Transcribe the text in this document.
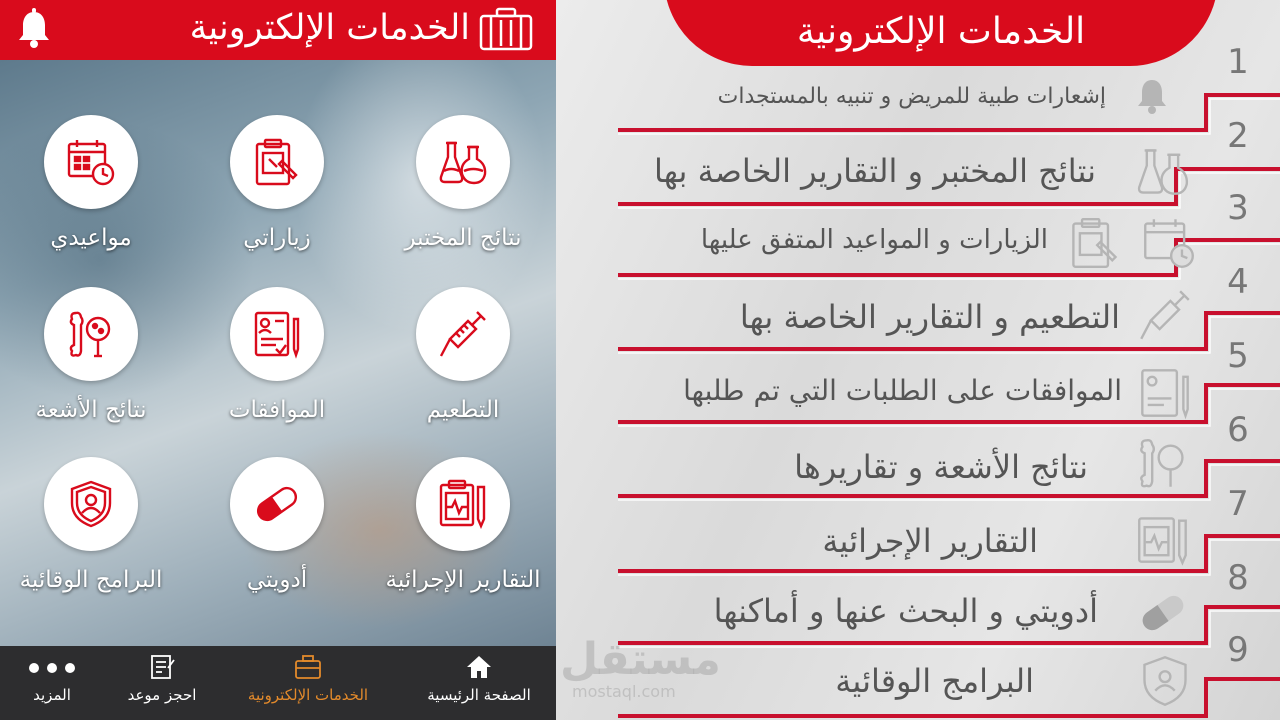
الخدمات الإلكترونية
نتائج المختبر
زياراتي
مواعيدي
التطعيم
الموافقات
نتائج الأشعة
التقارير الإجرائية
أدويتي
البرامج الوقائية
الصفحة الرئيسية
الخدمات الإلكترونية
احجز موعد
المزيد
الخدمات الإلكترونية
1
2
3
4
5
6
7
8
9
إشعارات طبية للمريض و تنبيه بالمستجدات
نتائج المختبر و التقارير الخاصة بها
الزيارات و المواعيد المتفق عليها
التطعيم و التقارير الخاصة بها
الموافقات على الطلبات التي تم طلبها
نتائج الأشعة و تقاريرها
التقارير الإجرائية
أدويتي و البحث عنها و أماكنها
البرامج الوقائية
مستقل
mostaql.com
